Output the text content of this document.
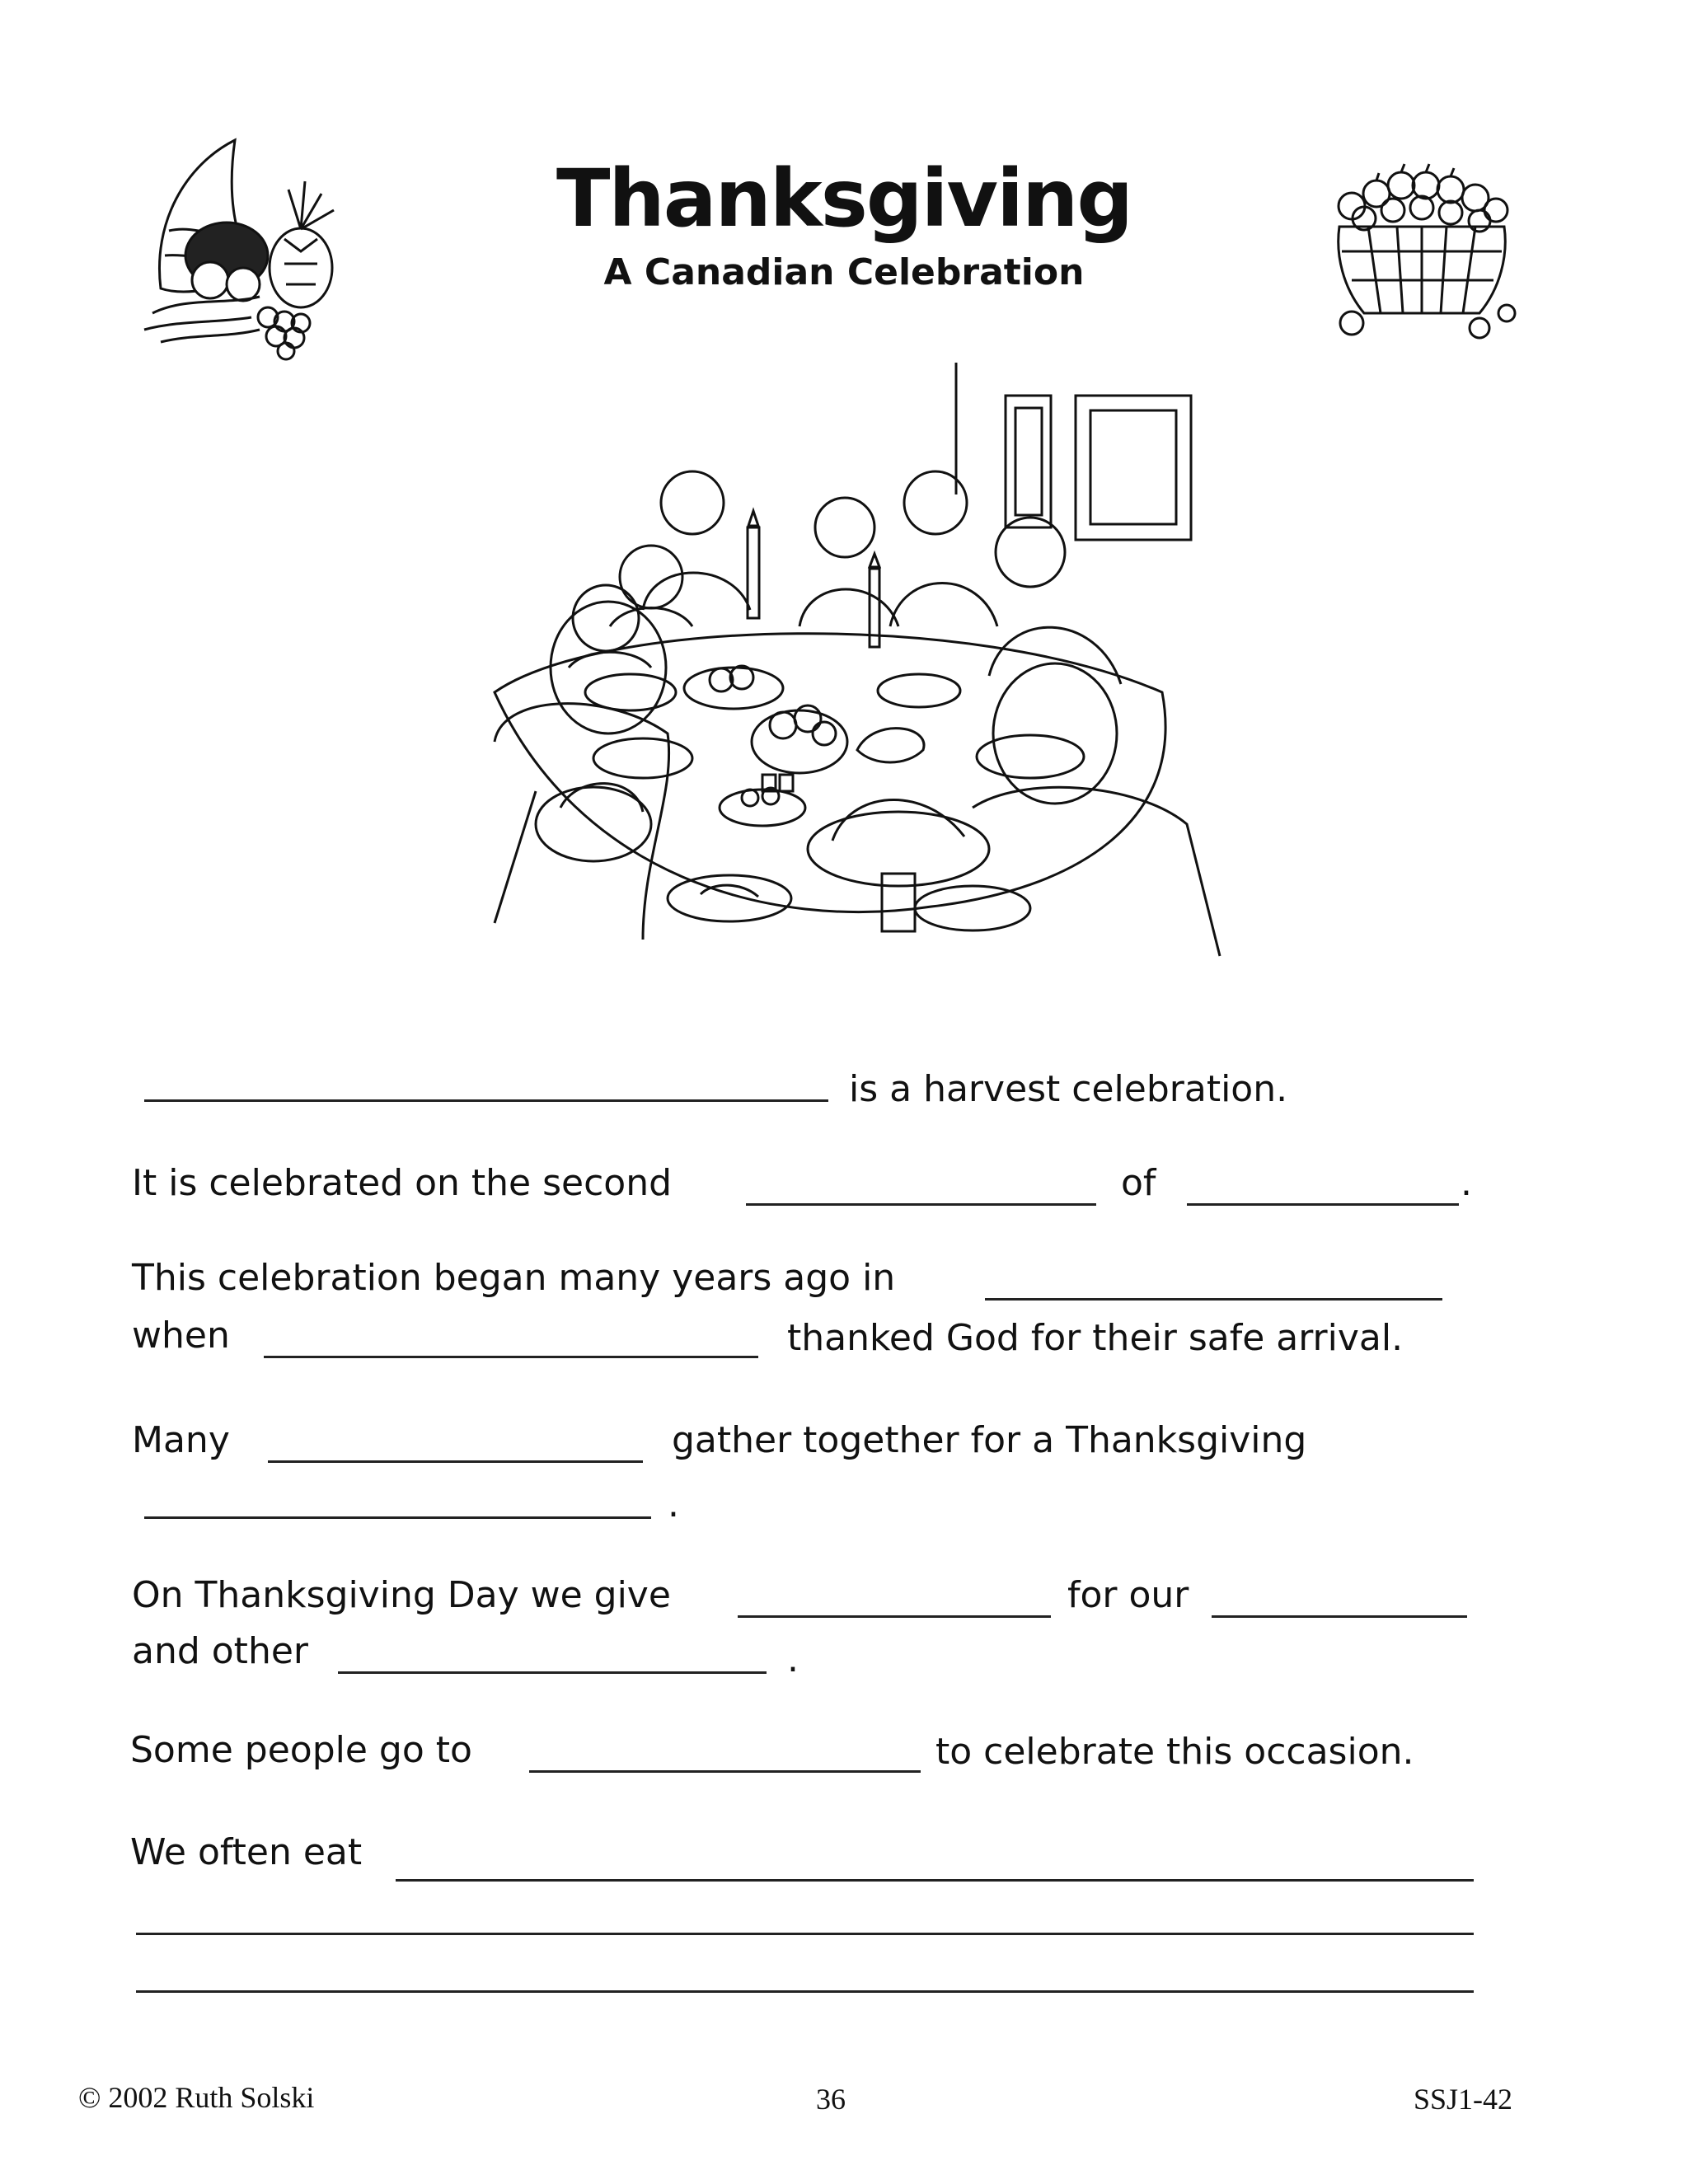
Thanksgiving
A Canadian Celebration
is a harvest celebration.
It is celebrated on the second	of	.
This celebration began many years ago in
when	thanked God for their safe arrival.
Many	gather together for a Thanksgiving
.
On Thanksgiving Day we give	for our
and other	.
Some people go to	to celebrate this occasion.
We often eat
© 2002 Ruth Solski	36	SSJ1-42
